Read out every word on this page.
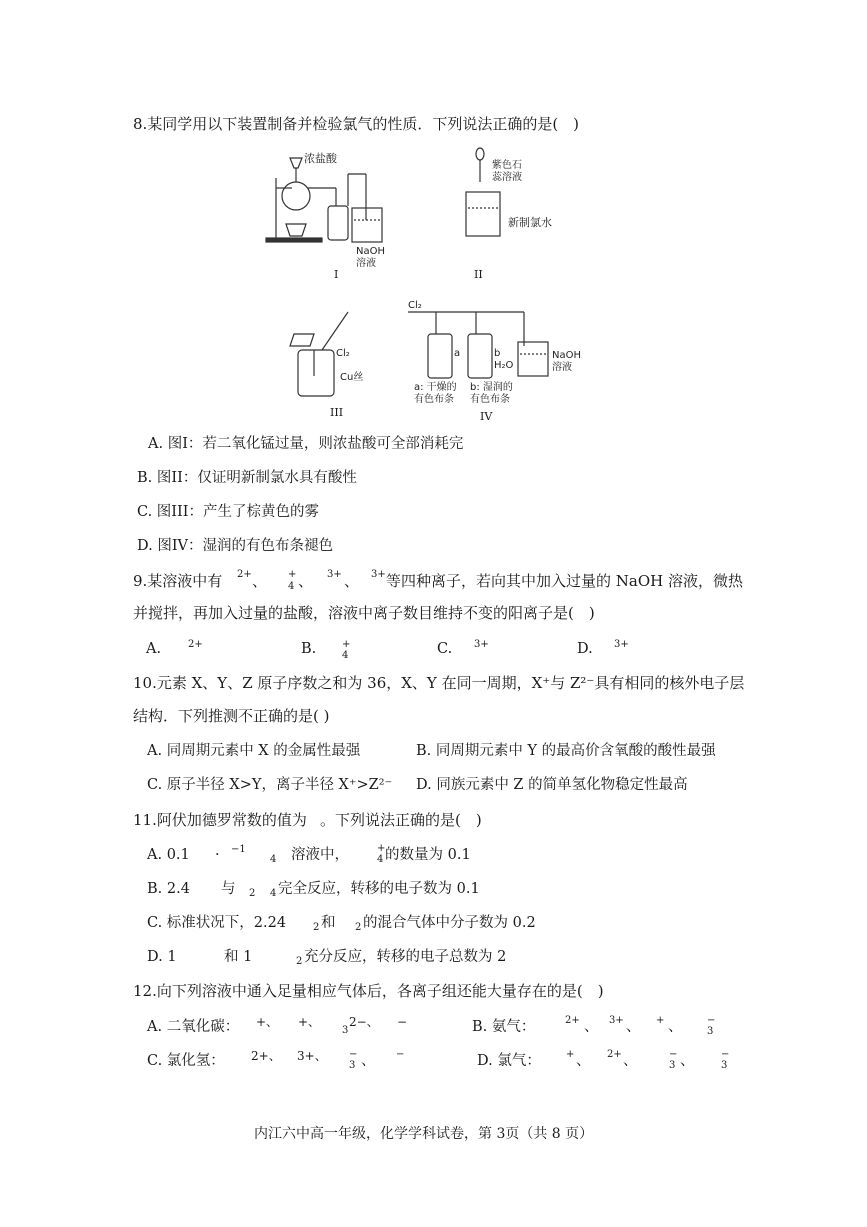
8.某同学用以下装置制备并检验氯气的性质．下列说法正确的是(  )
浓盐酸
NaOH
溶液
I
紫色石
蕊溶液
新制氯水
II
Cl₂
Cu丝
III
Cl₂
a	b
H₂O
NaOH
溶液
a: 干燥的
有色布条
b: 湿润的
有色布条
IV
A. 图I：若二氧化锰过量，则浓盐酸可全部消耗完
B. 图II：仅证明新制氯水具有酸性
C. 图III：产生了棕黄色的雾
D. 图IV：湿润的有色布条褪色
9.某溶液中有 2+ 、 +
4 、 3+ 、 3+ 等四种离子，若向其中加入过量的 NaOH 溶液，微热
并搅拌，再加入过量的盐酸，溶液中离子数目维持不变的阳离子是(  )
A.	2+	B.	+
4	C. 3+	D. 3+
10.元素 X、Y、Z 原子序数之和为 36，X、Y 在同一周期，X⁺与 Z²⁻具有相同的核外电子层
结构．下列推测不正确的是( )
A. 同周期元素中 X 的金属性最强	B. 同周期元素中 Y 的最高价含氧酸的酸性最强
C. 原子半径 X>Y，离子半径 X⁺>Z²⁻ D. 同族元素中 Z 的简单氢化物稳定性最高
11.阿伏加德罗常数的值为 。下列说法正确的是(  )
A. 0.1 · −1
4 溶液中，	+
4 的数量为 0.1
B. 2.4 与 2 4 完全反应，转移的电子数为 0.1
C. 标准状况下，2.24	2 和 2 的混合气体中分子数为 0.2
D. 1	和 1	2 充分反应，转移的电子总数为 2
12.向下列溶液中通入足量相应气体后，各离子组还能大量存在的是(  )
A. 二氧化碳： +、 +、
3
2−、 −	B. 氨气：	2+ 、 3+ 、 + 、 −
3
C. 氯化氢： 2+、 3+、 −
3 、 −	D. 氯气：	+ 、 2+ 、	−
3 、	−
3
内江六中高一年级，化学学科试卷，第 3页（共 8 页）
